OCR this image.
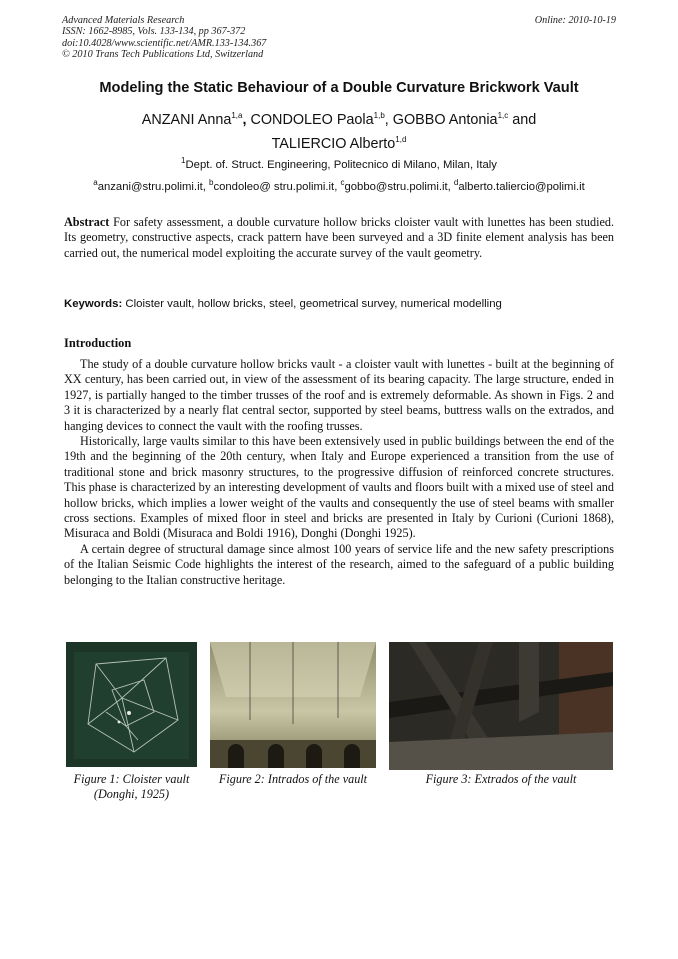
Advanced Materials Research
ISSN: 1662-8985, Vols. 133-134, pp 367-372
doi:10.4028/www.scientific.net/AMR.133-134.367
© 2010 Trans Tech Publications Ltd, Switzerland
Online: 2010-10-19
Modeling the Static Behaviour of a Double Curvature Brickwork Vault
ANZANI Anna$^{1,a}$, CONDOLEO Paola$^{1,b}$, GOBBO Antonia$^{1,c}$ and
TALIERCIO Alberto$^{1,d}$
$^1$Dept. of. Struct. Engineering, Politecnico di Milano, Milan, Italy
$^a$anzani@stru.polimi.it, $^b$condoleo@ stru.polimi.it, $^c$gobbo@stru.polimi.it, $^d$alberto.taliercio@polimi.it
Abstract For safety assessment, a double curvature hollow bricks cloister vault with lunettes has been studied. Its geometry, constructive aspects, crack pattern have been surveyed and a 3D finite element analysis has been carried out, the numerical model exploiting the accurate survey of the vault geometry.
Keywords: Cloister vault, hollow bricks, steel, geometrical survey, numerical modelling
Introduction

The study of a double curvature hollow bricks vault - a cloister vault with lunettes - built at the beginning of XX century, has been carried out, in view of the assessment of its bearing capacity. The large structure, ended in 1927, is partially hanged to the timber trusses of the roof and is extremely deformable. As shown in Figs. 2 and 3 it is characterized by a nearly flat central sector, supported by steel beams, buttress walls on the extrados, and hanging devices to connect the vault with the roofing trusses.

Historically, large vaults similar to this have been extensively used in public buildings between the end of the 19th and the beginning of the 20th century, when Italy and Europe experienced a transition from the use of traditional stone and brick masonry structures, to the progressive diffusion of reinforced concrete structures. This phase is characterized by an interesting development of vaults and floors built with a mixed use of steel and hollow bricks, which implies a lower weight of the vaults and consequently the use of steel beams with smaller cross sections. Examples of mixed floor in steel and bricks are presented in Italy by Curioni (Curioni 1868), Misuraca and Boldi (Misuraca and Boldi 1916), Donghi (Donghi 1925).

A certain degree of structural damage since almost 100 years of service life and the new safety prescriptions of the Italian Seismic Code highlights the interest of the research, aimed to the safeguard of a public building belonging to the Italian constructive heritage.

Figure 1: Cloister vault (Donghi, 1925)
Figure 2: Intrados of the vault	Figure 3: Extrados of the vault
